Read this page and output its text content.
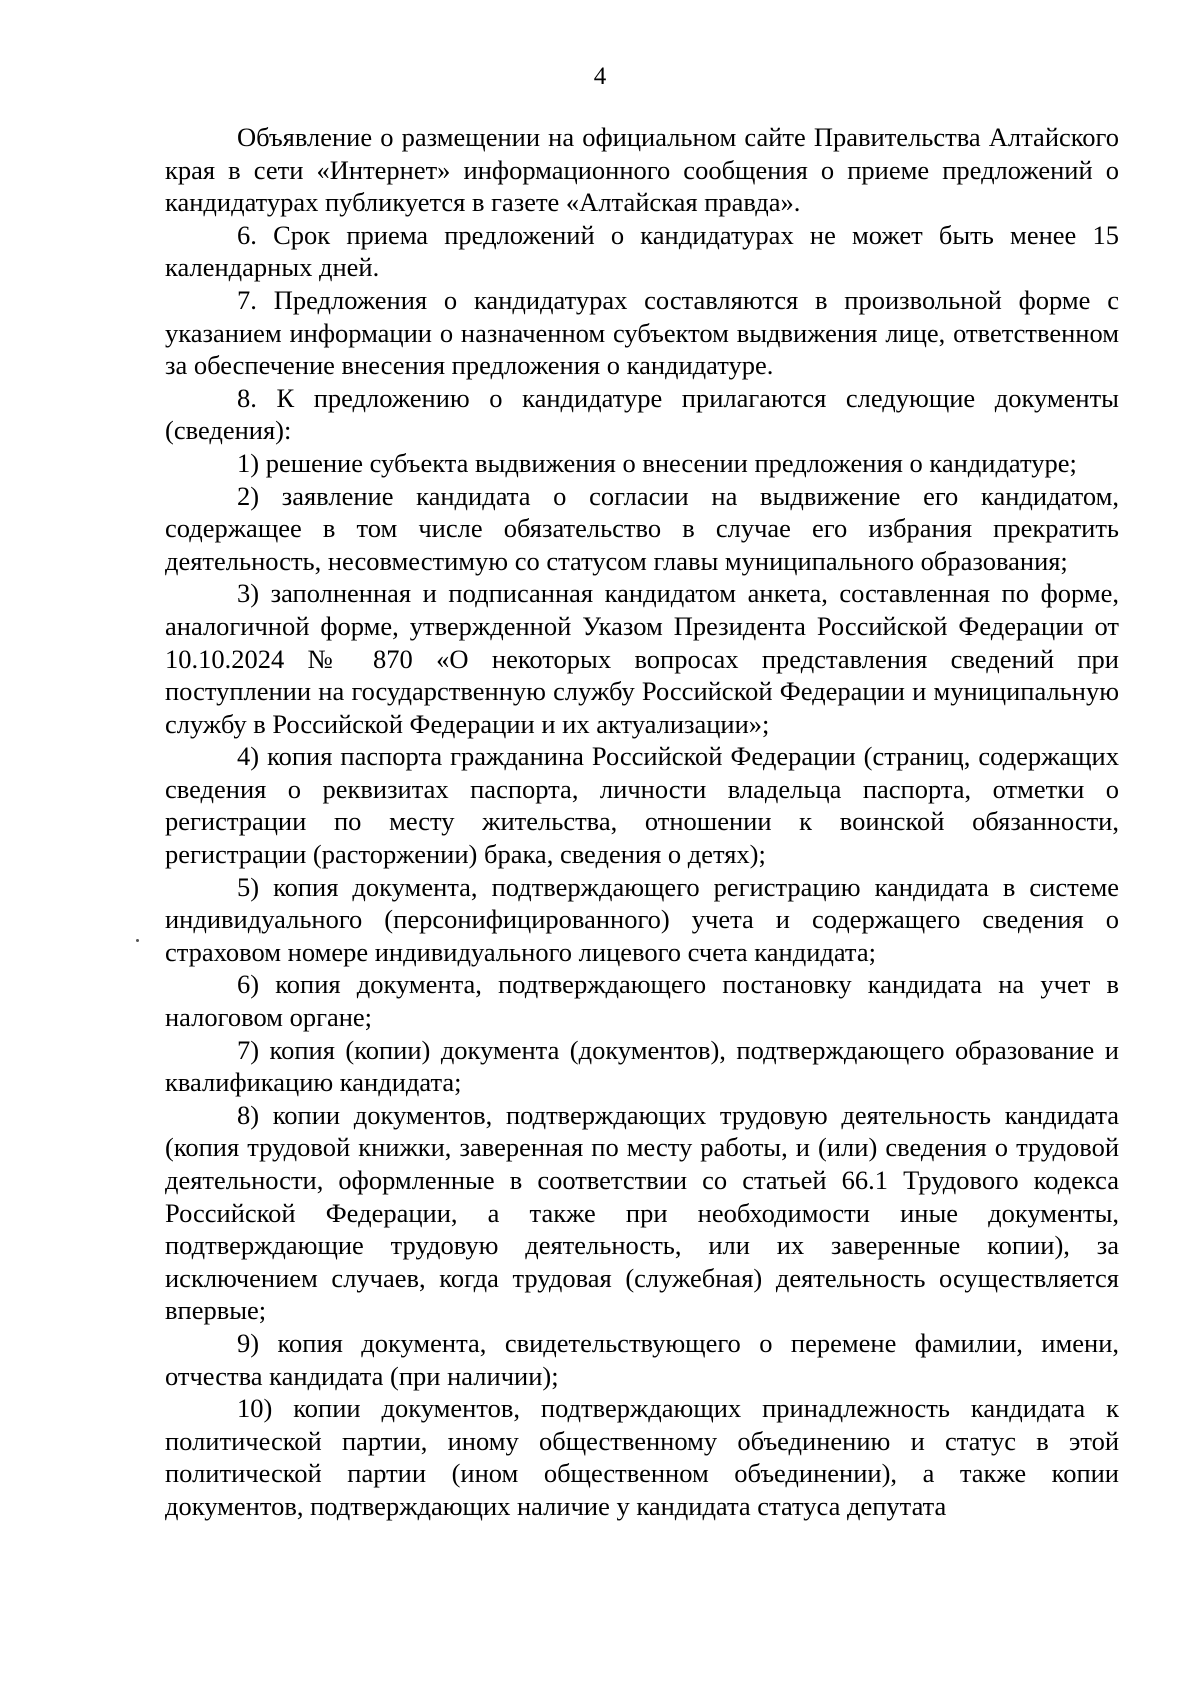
4

Объявление о размещении на официальном сайте Правительства Алтайского края в сети «Интернет» информационного сообщения о приеме предложений о кандидатурах публикуется в газете «Алтайская правда».

6. Срок приема предложений о кандидатурах не может быть менее 15 календарных дней.

7. Предложения о кандидатурах составляются в произвольной форме с указанием информации о назначенном субъектом выдвижения лице, ответственном за обеспечение внесения предложения о кандидатуре.

8. К предложению о кандидатуре прилагаются следующие документы (сведения):

1) решение субъекта выдвижения о внесении предложения о кандидатуре;

2) заявление кандидата о согласии на выдвижение его кандидатом, содержащее в том числе обязательство в случае его избрания прекратить деятельность, несовместимую со статусом главы муниципального образования;

3) заполненная и подписанная кандидатом анкета, составленная по форме, аналогичной форме, утвержденной Указом Президента Российской Федерации от 10.10.2024 № 870 «О некоторых вопросах представления сведений при поступлении на государственную службу Российской Федерации и муниципальную службу в Российской Федерации и их актуализации»;

4) копия паспорта гражданина Российской Федерации (страниц, содержащих сведения о реквизитах паспорта, личности владельца паспорта, отметки о регистрации по месту жительства, отношении к воинской обязанности, регистрации (расторжении) брака, сведения о детях);

5) копия документа, подтверждающего регистрацию кандидата в системе индивидуального (персонифицированного) учета и содержащего сведения о страховом номере индивидуального лицевого счета кандидата;

6) копия документа, подтверждающего постановку кандидата на учет в налоговом органе;

7) копия (копии) документа (документов), подтверждающего образование и квалификацию кандидата;

8) копии документов, подтверждающих трудовую деятельность кандидата (копия трудовой книжки, заверенная по месту работы, и (или) сведения о трудовой деятельности, оформленные в соответствии со статьей 66.1 Трудового кодекса Российской Федерации, а также при необходимости иные документы, подтверждающие трудовую деятельность, или их заверенные копии), за исключением случаев, когда трудовая (служебная) деятельность осуществляется впервые;

9) копия документа, свидетельствующего о перемене фамилии, имени, отчества кандидата (при наличии);

10) копии документов, подтверждающих принадлежность кандидата к политической партии, иному общественному объединению и статус в этой политической партии (ином общественном объединении), а также копии документов, подтверждающих наличие у кандидата статуса депутата
